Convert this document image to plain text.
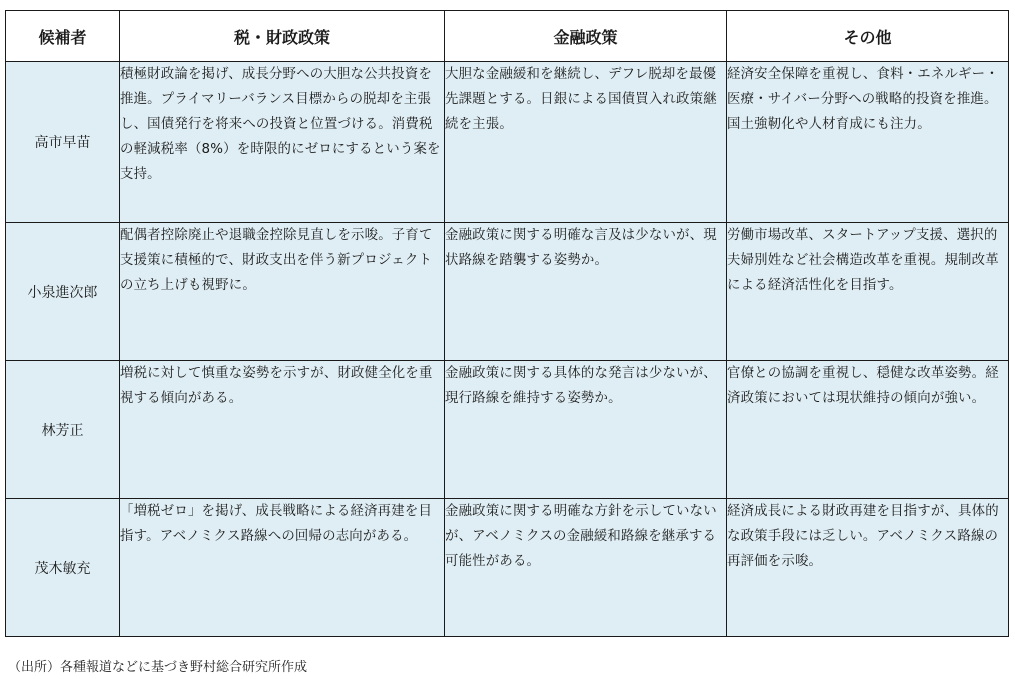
候補者	税・財政政策	金融政策	その他
高市早苗	積極財政論を掲げ、成長分野への大胆な公共投資を推進。プライマリーバランス目標からの脱却を主張し、国債発行を将来への投資と位置づける。消費税の軽減税率（8%）を時限的にゼロにするという案を支持。	大胆な金融緩和を継続し、デフレ脱却を最優先課題とする。日銀による国債買入れ政策継続を主張。	経済安全保障を重視し、食料・エネルギー・医療・サイバー分野への戦略的投資を推進。国土強靭化や人材育成にも注力。
小泉進次郎	配偶者控除廃止や退職金控除見直しを示唆。子育て支援策に積極的で、財政支出を伴う新プロジェクトの立ち上げも視野に。	金融政策に関する明確な言及は少ないが、現状路線を踏襲する姿勢か。	労働市場改革、スタートアップ支援、選択的夫婦別姓など社会構造改革を重視。規制改革による経済活性化を目指す。
林芳正	増税に対して慎重な姿勢を示すが、財政健全化を重視する傾向がある。	金融政策に関する具体的な発言は少ないが、現行路線を維持する姿勢か。	官僚との協調を重視し、穏健な改革姿勢。経済政策においては現状維持の傾向が強い。
茂木敏充	「増税ゼロ」を掲げ、成長戦略による経済再建を目指す。アベノミクス路線への回帰の志向がある。	金融政策に関する明確な方針を示していないが、アベノミクスの金融緩和路線を継承する可能性がある。	経済成長による財政再建を目指すが、具体的な政策手段には乏しい。アベノミクス路線の再評価を示唆。
（出所）各種報道などに基づき野村総合研究所作成
